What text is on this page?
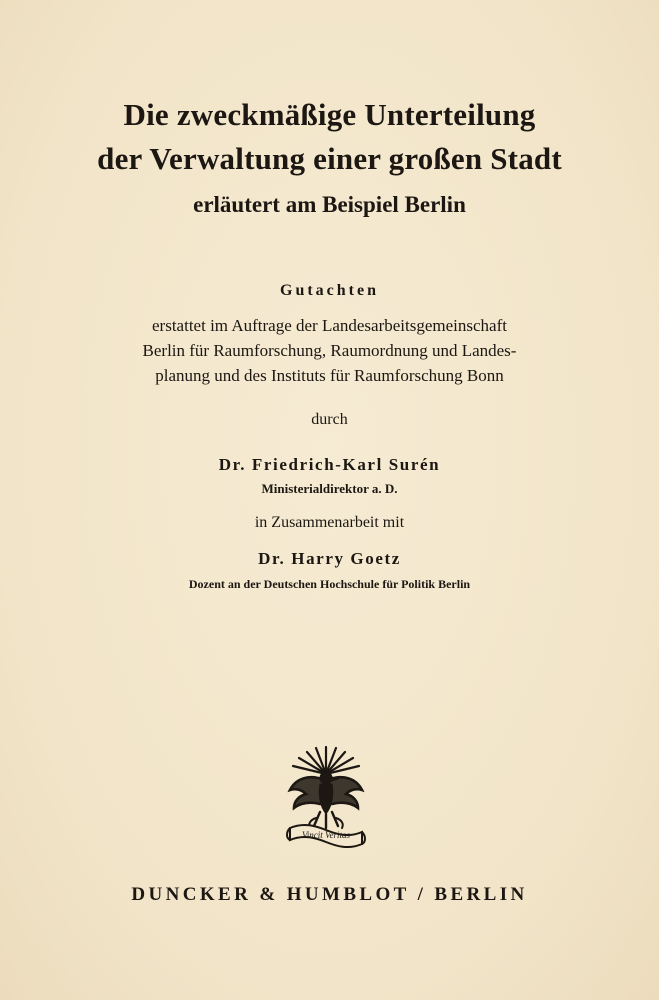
Die zweckmäßige Unterteilung
der Verwaltung einer großen Stadt
erläutert am Beispiel Berlin
Gutachten
erstattet im Auftrage der Landesarbeitsgemeinschaft
Berlin für Raumforschung, Raumordnung und Landes-
planung und des Instituts für Raumforschung Bonn
durch
Dr. Friedrich-Karl Surén
Ministerialdirektor a. D.
in Zusammenarbeit mit
Dr. Harry Goetz
Dozent an der Deutschen Hochschule für Politik Berlin
Vincit Veritas
DUNCKER & HUMBLOT / BERLIN
